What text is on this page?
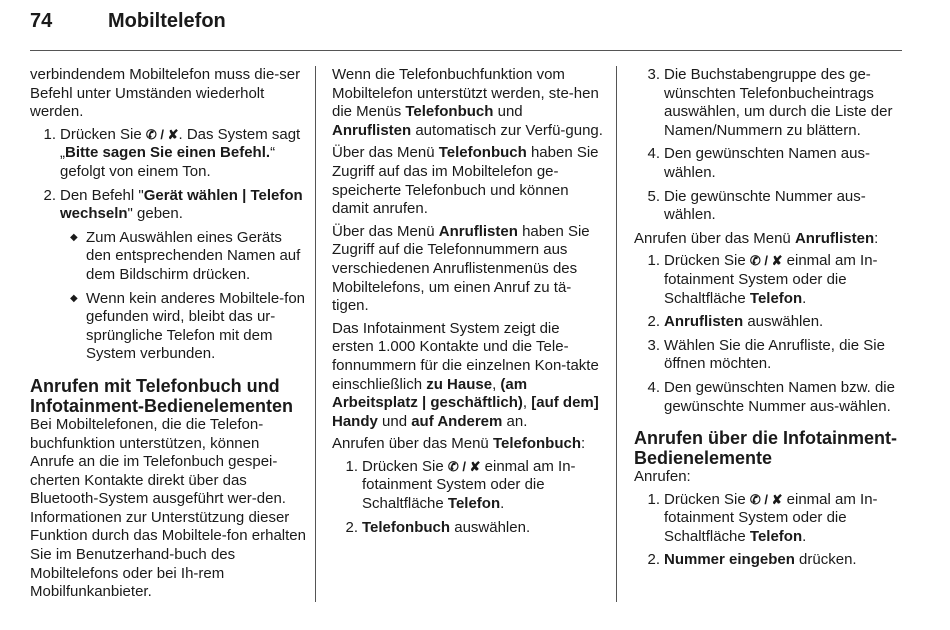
74	Mobiltelefon

verbindendem Mobiltelefon muss die-ser Befehl unter Umständen wiederholt werden.

1. Drücken Sie ✆ / ✘. Das System sagt „Bitte sagen Sie einen Befehl.“ gefolgt von einem Ton.
2. Den Befehl "Gerät wählen | Telefon wechseln" geben.
◆ Zum Auswählen eines Geräts den entsprechenden Namen auf dem Bildschirm drücken.
◆ Wenn kein anderes Mobiltele-fon gefunden wird, bleibt das ur-sprüngliche Telefon mit dem System verbunden.
Anrufen mit Telefonbuch und Infotainment-Bedienelementen

Bei Mobiltelefonen, die die Telefon-buchfunktion unterstützen, können Anrufe an die im Telefonbuch gespei-cherten Kontakte direkt über das Bluetooth-System ausgeführt wer-den. Informationen zur Unterstützung dieser Funktion durch das Mobiltele-fon erhalten Sie im Benutzerhand-buch des Mobiltelefons oder bei Ih-rem Mobilfunkanbieter.

Wenn die Telefonbuchfunktion vom Mobiltelefon unterstützt werden, ste-hen die Menüs Telefonbuch und Anruflisten automatisch zur Verfü-gung.

Über das Menü Telefonbuch haben Sie Zugriff auf das im Mobiltelefon ge-speicherte Telefonbuch und können damit anrufen.

Über das Menü Anruflisten haben Sie Zugriff auf die Telefonnummern aus verschiedenen Anruflistenmenüs des Mobiltelefons, um einen Anruf zu tä-tigen.

Das Infotainment System zeigt die ersten 1.000 Kontakte und die Tele-fonnummern für die einzelnen Kon-takte einschließlich zu Hause, (am Arbeitsplatz | geschäftlich), [auf dem] Handy und auf Anderem an.

Anrufen über das Menü Telefonbuch:

1. Drücken Sie ✆ / ✘ einmal am In-fotainment System oder die Schaltfläche Telefon.
2. Telefonbuch auswählen.
3. Die Buchstabengruppe des ge-wünschten Telefonbucheintrags auswählen, um durch die Liste der Namen/Nummern zu blättern.
4. Den gewünschten Namen aus-wählen.
5. Die gewünschte Nummer aus-wählen.

Anrufen über das Menü Anruflisten:

1. Drücken Sie ✆ / ✘ einmal am In-fotainment System oder die Schaltfläche Telefon.
2. Anruflisten auswählen.
3. Wählen Sie die Anrufliste, die Sie öffnen möchten.
4. Den gewünschten Namen bzw. die gewünschte Nummer aus-wählen.
Anrufen über die Infotainment-Bedienelemente

Anrufen:

1. Drücken Sie ✆ / ✘ einmal am In-fotainment System oder die Schaltfläche Telefon.
2. Nummer eingeben drücken.
